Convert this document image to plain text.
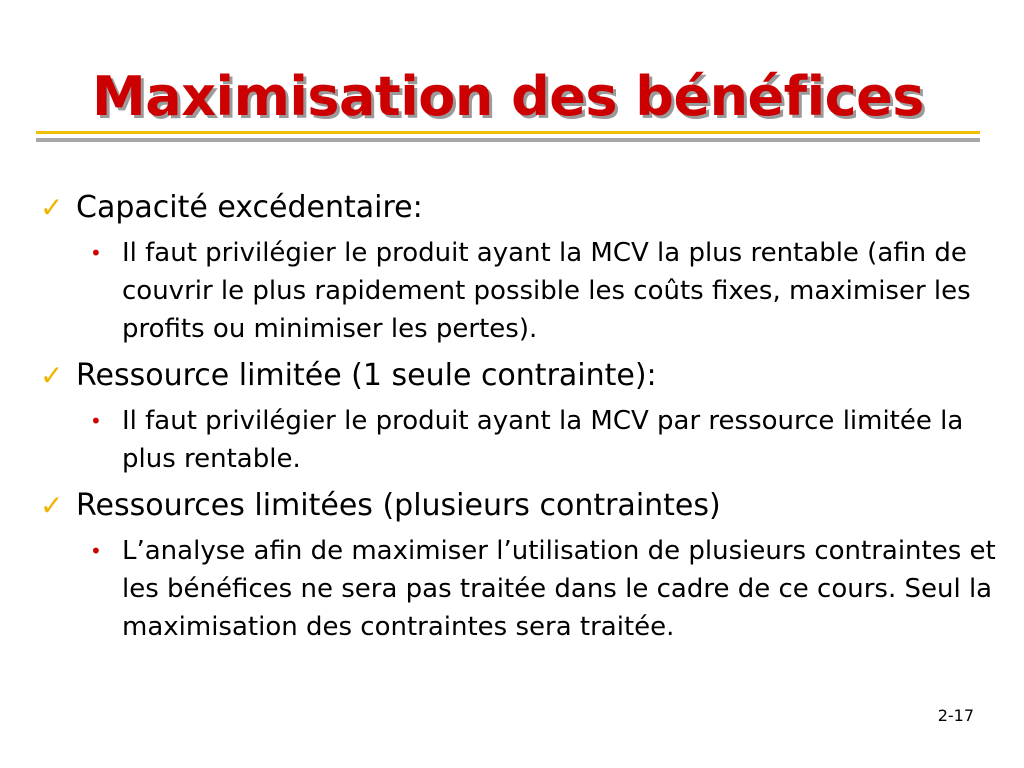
Maximisation des bénéfices
✓ Capacité excédentaire:
• Il faut privilégier le produit ayant la MCV la plus rentable (afin de couvrir le plus rapidement possible les coûts fixes, maximiser les profits ou minimiser les pertes).
✓ Ressource limitée (1 seule contrainte):
• Il faut privilégier le produit ayant la MCV par ressource limitée la plus rentable.
✓ Ressources limitées (plusieurs contraintes)
• L’analyse afin de maximiser l’utilisation de plusieurs contraintes et les bénéfices ne sera pas traitée dans le cadre de ce cours. Seul la maximisation des contraintes sera traitée.
2-17
